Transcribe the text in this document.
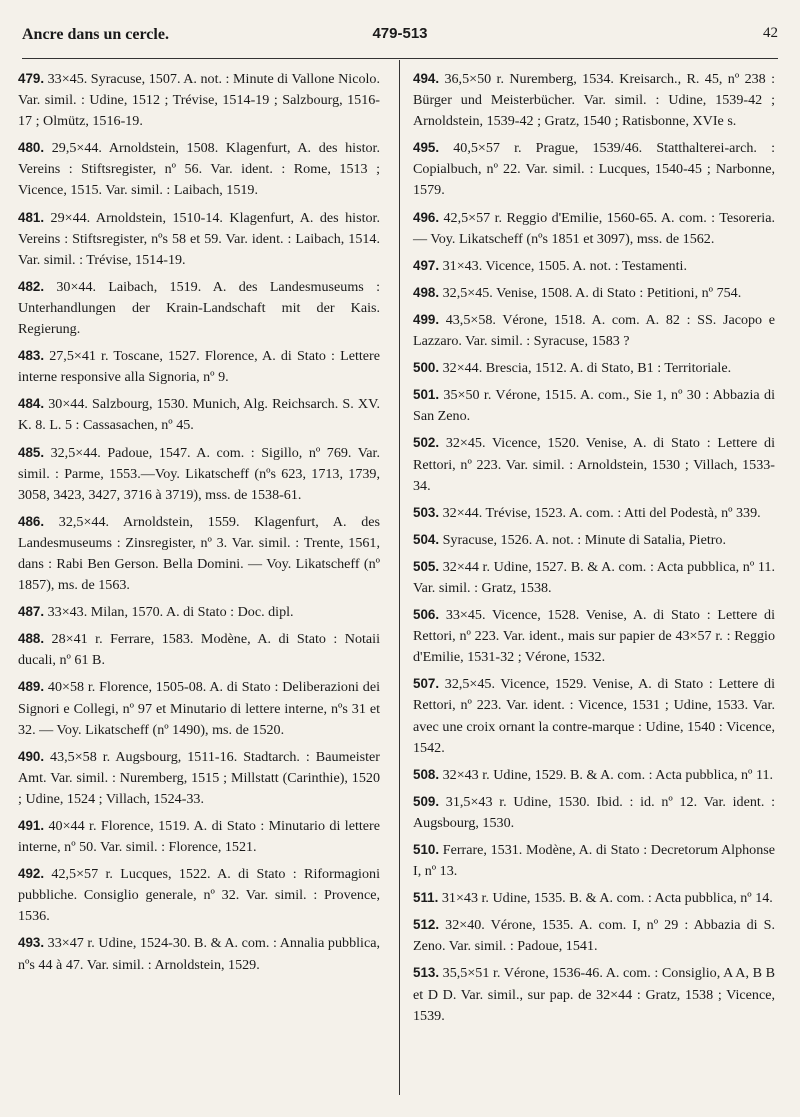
Ancre dans un cercle.	479-513	42

479. 33×45. Syracuse, 1507. A. not. : Minute di Vallone Nicolo. Var. simil. : Udine, 1512 ; Trévise, 1514-19 ; Salzbourg, 1516-17 ; Olmütz, 1516-19.

480. 29,5×44. Arnoldstein, 1508. Klagenfurt, A. des histor. Vereins : Stiftsregister, nº 56. Var. ident. : Rome, 1513 ; Vicence, 1515. Var. simil. : Laibach, 1519.

481. 29×44. Arnoldstein, 1510-14. Klagenfurt, A. des histor. Vereins : Stiftsregister, nºs 58 et 59. Var. ident. : Laibach, 1514. Var. simil. : Trévise, 1514-19.

482. 30×44. Laibach, 1519. A. des Landesmuseums : Unterhandlungen der Krain-Landschaft mit der Kais. Regierung.

483. 27,5×41 r. Toscane, 1527. Florence, A. di Stato : Lettere interne responsive alla Signoria, nº 9.

484. 30×44. Salzbourg, 1530. Munich, Alg. Reichsarch. S. XV. K. 8. L. 5 : Cassasachen, nº 45.

485. 32,5×44. Padoue, 1547. A. com. : Sigillo, nº 769. Var. simil. : Parme, 1553.—Voy. Likatscheff (nºs 623, 1713, 1739, 3058, 3423, 3427, 3716 à 3719), mss. de 1538-61.

486. 32,5×44. Arnoldstein, 1559. Klagenfurt, A. des Landesmuseums : Zinsregister, nº 3. Var. simil. : Trente, 1561, dans : Rabi Ben Gerson. Bella Domini. — Voy. Likatscheff (nº 1857), ms. de 1563.

487. 33×43. Milan, 1570. A. di Stato : Doc. dipl.

488. 28×41 r. Ferrare, 1583. Modène, A. di Stato : Notaii ducali, nº 61 B.

489. 40×58 r. Florence, 1505-08. A. di Stato : Deliberazioni dei Signori e Collegi, nº 97 et Minutario di lettere interne, nºs 31 et 32. — Voy. Likatscheff (nº 1490), ms. de 1520.

490. 43,5×58 r. Augsbourg, 1511-16. Stadtarch. : Baumeister Amt. Var. simil. : Nuremberg, 1515 ; Millstatt (Carinthie), 1520 ; Udine, 1524 ; Villach, 1524-33.

491. 40×44 r. Florence, 1519. A. di Stato : Minutario di lettere interne, nº 50. Var. simil. : Florence, 1521.

492. 42,5×57 r. Lucques, 1522. A. di Stato : Riformagioni pubbliche. Consiglio generale, nº 32. Var. simil. : Provence, 1536.

493. 33×47 r. Udine, 1524-30. B. & A. com. : Annalia pubblica, nºs 44 à 47. Var. simil. : Arnoldstein, 1529.

494. 36,5×50 r. Nuremberg, 1534. Kreisarch., R. 45, nº 238 : Bürger und Meisterbücher. Var. simil. : Udine, 1539-42 ; Arnoldstein, 1539-42 ; Gratz, 1540 ; Ratisbonne, XVIe s.

495. 40,5×57 r. Prague, 1539/46. Statthalterei-arch. : Copialbuch, nº 22. Var. simil. : Lucques, 1540-45 ; Narbonne, 1579.

496. 42,5×57 r. Reggio d'Emilie, 1560-65. A. com. : Tesoreria. — Voy. Likatscheff (nºs 1851 et 3097), mss. de 1562.

497. 31×43. Vicence, 1505. A. not. : Testamenti.

498. 32,5×45. Venise, 1508. A. di Stato : Petitioni, nº 754.

499. 43,5×58. Vérone, 1518. A. com. A. 82 : SS. Jacopo e Lazzaro. Var. simil. : Syracuse, 1583 ?

500. 32×44. Brescia, 1512. A. di Stato, B1 : Territoriale.

501. 35×50 r. Vérone, 1515. A. com., Sie 1, nº 30 : Abbazia di San Zeno.

502. 32×45. Vicence, 1520. Venise, A. di Stato : Lettere di Rettori, nº 223. Var. simil. : Arnoldstein, 1530 ; Villach, 1533-34.

503. 32×44. Trévise, 1523. A. com. : Atti del Podestà, nº 339.

504. Syracuse, 1526. A. not. : Minute di Satalia, Pietro.

505. 32×44 r. Udine, 1527. B. & A. com. : Acta pubblica, nº 11. Var. simil. : Gratz, 1538.

506. 33×45. Vicence, 1528. Venise, A. di Stato : Lettere di Rettori, nº 223. Var. ident., mais sur papier de 43×57 r. : Reggio d'Emilie, 1531-32 ; Vérone, 1532.

507. 32,5×45. Vicence, 1529. Venise, A. di Stato : Lettere di Rettori, nº 223. Var. ident. : Vicence, 1531 ; Udine, 1533. Var. avec une croix ornant la contre-marque : Udine, 1540 : Vicence, 1542.

508. 32×43 r. Udine, 1529. B. & A. com. : Acta pubblica, nº 11.

509. 31,5×43 r. Udine, 1530. Ibid. : id. nº 12. Var. ident. : Augsbourg, 1530.

510. Ferrare, 1531. Modène, A. di Stato : Decretorum Alphonse I, nº 13.

511. 31×43 r. Udine, 1535. B. & A. com. : Acta pubblica, nº 14.

512. 32×40. Vérone, 1535. A. com. I, nº 29 : Abbazia di S. Zeno. Var. simil. : Padoue, 1541.

513. 35,5×51 r. Vérone, 1536-46. A. com. : Consiglio, A A, B B et D D. Var. simil., sur pap. de 32×44 : Gratz, 1538 ; Vicence, 1539.
